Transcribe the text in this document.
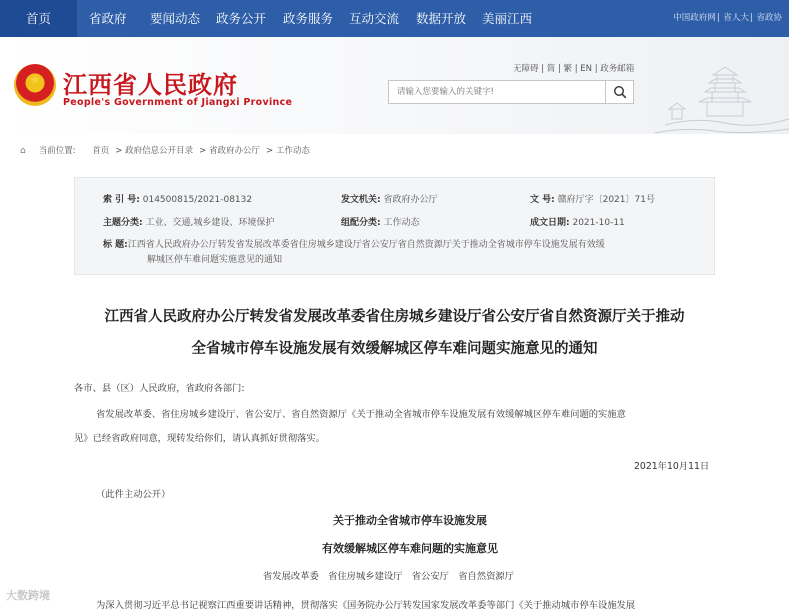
首页	省政府 要闻动态 政务公开 政务服务 互动交流 数据开放 美丽江西	中国政府网| 省人大| 省政协
★ 江西省人民政府
People's Government of Jiangxi Province
无障碍 | 简 | 繁 | EN | 政务邮箱
请输入您要输入的关键字!
⌂ 当前位置: 首页 > 政府信息公开目录 > 省政府办公厅 > 工作动态
索 引 号: 014500815/2021-08132	发文机关: 省政府办公厅	文 号: 赣府厅字〔2021〕71号
主题分类: 工业、交通,城乡建设、环境保护	组配分类: 工作动态	成文日期: 2021-10-11
标 题:江西省人民政府办公厅转发省发展改革委省住房城乡建设厅省公安厅省自然资源厅关于推动全省城市停车设施发展有效缓
解城区停车难问题实施意见的通知
江西省人民政府办公厅转发省发展改革委省住房城乡建设厅省公安厅省自然资源厅关于推动
全省城市停车设施发展有效缓解城区停车难问题实施意见的通知
各市、县（区）人民政府，省政府各部门:
省发展改革委、省住房城乡建设厅、省公安厅、省自然资源厅《关于推动全省城市停车设施发展有效缓解城区停车难问题的实施意
见》已经省政府同意，现转发给你们，请认真抓好贯彻落实。
2021年10月11日
（此件主动公开）
关于推动全省城市停车设施发展
有效缓解城区停车难问题的实施意见
省发展改革委　省住房城乡建设厅　省公安厅　省自然资源厅
为深入贯彻习近平总书记视察江西重要讲话精神，贯彻落实《国务院办公厅转发国家发展改革委等部门《关于推动城市停车设施发展
大数跨境
